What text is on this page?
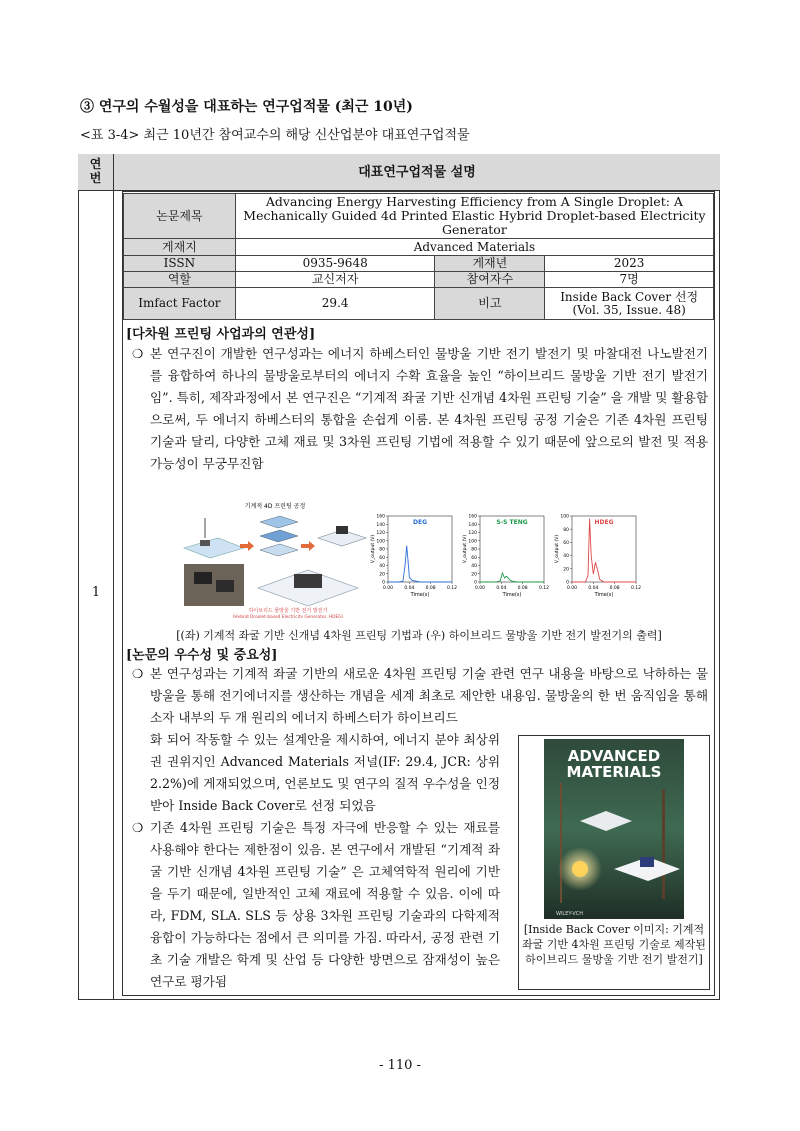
③ 연구의 수월성을 대표하는 연구업적물 (최근 10년)
<표 3-4> 최근 10년간 참여교수의 해당 신산업분야 대표연구업적물
연
번	대표연구업적물 설명
1
논문제목	Advancing Energy Harvesting Efficiency from A Single Droplet: A Mechanically Guided 4d Printed Elastic Hybrid Droplet-based Electricity Generator		
게재지	Advanced Materials		
ISSN	0935-9648	게재년	2023
역할	교신저자	참여자수	7명
Imfact Factor	29.4	비고	Inside Back Cover 선정
(Vol. 35, Issue. 48)
[다차원 프린팅 사업과의 연관성]
❍ 본 연구진이 개발한 연구성과는 에너지 하베스터인 물방울 기반 전기 발전기 및 마찰대전 나노발전기를 융합하여 하나의 물방울로부터의 에너지 수확 효율을 높인 “하이브리드 물방울 기반 전기 발전기임”. 특히, 제작과정에서 본 연구진은 “기계적 좌굴 기반 신개념 4차원 프린팅 기술” 을 개발 및 활용함으로써, 두 에너지 하베스터의 통합을 손쉽게 이룸. 본 4차원 프린팅 공정 기술은 기존 4차원 프린팅 기술과 달리, 다양한 고체 재료 및 3차원 프린팅 기법에 적용할 수 있기 때문에 앞으로의 발전 및 적용 가능성이 무궁무진함
기계적 4D 프린팅 공정
하이브리드 물방울 기반 전기 발전기
(Hybrid Droplet-based Electricity Generator, HDEG)
0
20
40
60
80
100
120
140
160
0.00	0.04	0.08	0.12
DEG
Time(s)
V_output (V)
0
20
40
60
80
100
120
140
160
0.00	0.04	0.08	0.12
S-S TENG
Time(s)
V_output (V)
0
20
40
60
80
100
0.00	0.04	0.08	0.12
HDEG
Time(s)
V_output (V)
[(좌) 기계적 좌굴 기반 신개념 4차원 프린팅 기법과 (우) 하이브리드 물방울 기반 전기 발전기의 출력]
[논문의 우수성 및 중요성]
❍ 본 연구성과는 기계적 좌굴 기반의 새로운 4차원 프린팅 기술 관련 연구 내용을 바탕으로 낙하하는 물방울을 통해 전기에너지를 생산하는 개념을 세계 최초로 제안한 내용임. 물방울의 한 번 움직임을 통해 소자 내부의 두 개 원리의 에너지 하베스터가 하이브리드
화 되어 작동할 수 있는 설계안을 제시하여, 에너지 분야 최상위권 권위지인 Advanced Materials 저널(IF: 29.4, JCR: 상위 2.2%)에 게재되었으며, 언론보도 및 연구의 질적 우수성을 인정받아 Inside Back Cover로 선정 되었음
❍ 기존 4차원 프린팅 기술은 특정 자극에 반응할 수 있는 재료를 사용해야 한다는 제한점이 있음. 본 연구에서 개발된 “기계적 좌굴 기반 신개념 4차원 프린팅 기술” 은 고체역학적 원리에 기반을 두기 때문에, 일반적인 고체 재료에 적용할 수 있음. 이에 따라, FDM, SLA. SLS 등 상용 3차원 프린팅 기술과의 다학제적 융합이 가능하다는 점에서 큰 의미를 가짐. 따라서, 공정 관련 기초 기술 개발은 학계 및 산업 등 다양한 방면으로 잠재성이 높은 연구로 평가됨
ADVANCED
MATERIALS
WILEY-VCH
[Inside Back Cover 이미지: 기계적 좌굴 기반 4차원 프린팅 기술로 제작된 하이브리드 물방울 기반 전기 발전기]
- 110 -
